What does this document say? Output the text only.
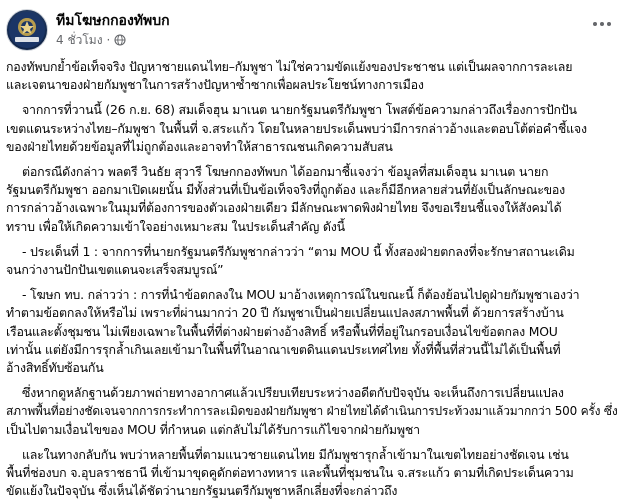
ทีมโฆษกกองทัพบก
4 ชั่วโมง ·

กองทัพบกย้ำข้อเท็จจริง ปัญหาชายแดนไทย–กัมพูชา ไม่ใช่ความขัดแย้งของประชาชน แต่เป็นผลจากการละเลย
และเจตนาของฝ่ายกัมพูชาในการสร้างปัญหาซ้ำซากเพื่อผลประโยชน์ทางการเมือง

จากการที่วานนี้ (26 ก.ย. 68) สมเด็จฮุน มาเนต นายกรัฐมนตรีกัมพูชา โพสต์ข้อความกล่าวถึงเรื่องการปักปัน
เขตแดนระหว่างไทย–กัมพูชา ในพื้นที่ จ.สระแก้ว โดยในหลายประเด็นพบว่ามีการกล่าวอ้างและตอบโต้ต่อคำชี้แจง
ของฝ่ายไทยด้วยข้อมูลที่ไม่ถูกต้องและอาจทำให้สาธารณชนเกิดความสับสน

ต่อกรณีดังกล่าว พลตรี วินธัย สุวารี โฆษกกองทัพบก ได้ออกมาชี้แจงว่า ข้อมูลที่สมเด็จฮุน มาเนต นายก
รัฐมนตรีกัมพูชา ออกมาเปิดเผยนั้น มีทั้งส่วนที่เป็นข้อเท็จจริงที่ถูกต้อง และก็มีอีกหลายส่วนที่ยังเป็นลักษณะของ
การกล่าวอ้างเฉพาะในมุมที่ต้องการของตัวเองฝ่ายเดียว มีลักษณะพาดพิงฝ่ายไทย จึงขอเรียนชี้แจงให้สังคมได้
ทราบ เพื่อให้เกิดความเข้าใจอย่างเหมาะสม ในประเด็นสำคัญ ดังนี้

- ประเด็นที่ 1 : จากการที่นายกรัฐมนตรีกัมพูชากล่าวว่า “ตาม MOU นี้ ทั้งสองฝ่ายตกลงที่จะรักษาสถานะเดิม
จนกว่างานปักปันเขตแดนจะเสร็จสมบูรณ์”

- โฆษก ทบ. กล่าวว่า : การที่นำข้อตกลงใน MOU มาอ้างเหตุการณ์ในขณะนี้ ก็ต้องย้อนไปดูฝ่ายกัมพูชาเองว่า
ทำตามข้อตกลงให้หรือไม่ เพราะที่ผ่านมากว่า 20 ปี กัมพูชาเป็นฝ่ายเปลี่ยนแปลงสภาพพื้นที่ ด้วยการสร้างบ้าน
เรือนและตั้งชุมชน ไม่เพียงเฉพาะในพื้นที่ที่ต่างฝ่ายต่างอ้างสิทธิ์ หรือพื้นที่ที่อยู่ในกรอบเงื่อนไขข้อตกลง MOU
เท่านั้น แต่ยังมีการรุกล้ำเกินเลยเข้ามาในพื้นที่ในอาณาเขตดินแดนประเทศไทย ทั้งที่พื้นที่ส่วนนี้ไม่ได้เป็นพื้นที่
อ้างสิทธิ์ทับซ้อนกัน

ซึ่งหากดูหลักฐานด้วยภาพถ่ายทางอากาศแล้วเปรียบเทียบระหว่างอดีตกับปัจจุบัน จะเห็นถึงการเปลี่ยนแปลง
สภาพพื้นที่อย่างชัดเจนจากการกระทำการละเมิดของฝ่ายกัมพูชา ฝ่ายไทยได้ดำเนินการประท้วงมาแล้วมากกว่า 500 ครั้ง ซึ่ง
เป็นไปตามเงื่อนไขของ MOU ที่กำหนด แต่กลับไม่ได้รับการแก้ไขจากฝ่ายกัมพูชา

และในทางกลับกัน พบว่าหลายพื้นที่ตามแนวชายแดนไทย มีกัมพูชารุกล้ำเข้ามาในเขตไทยอย่างชัดเจน เช่น
พื้นที่ช่องบก จ.อุบลราชธานี ที่เข้ามาขุดคูดักต่อทางทหาร และพื้นที่ชุมชนใน จ.สระแก้ว ตามที่เกิดประเด็นความ
ขัดแย้งในปัจจุบัน ซึ่งเห็นได้ชัดว่านายกรัฐมนตรีกัมพูชาหลีกเลี่ยงที่จะกล่าวถึง
